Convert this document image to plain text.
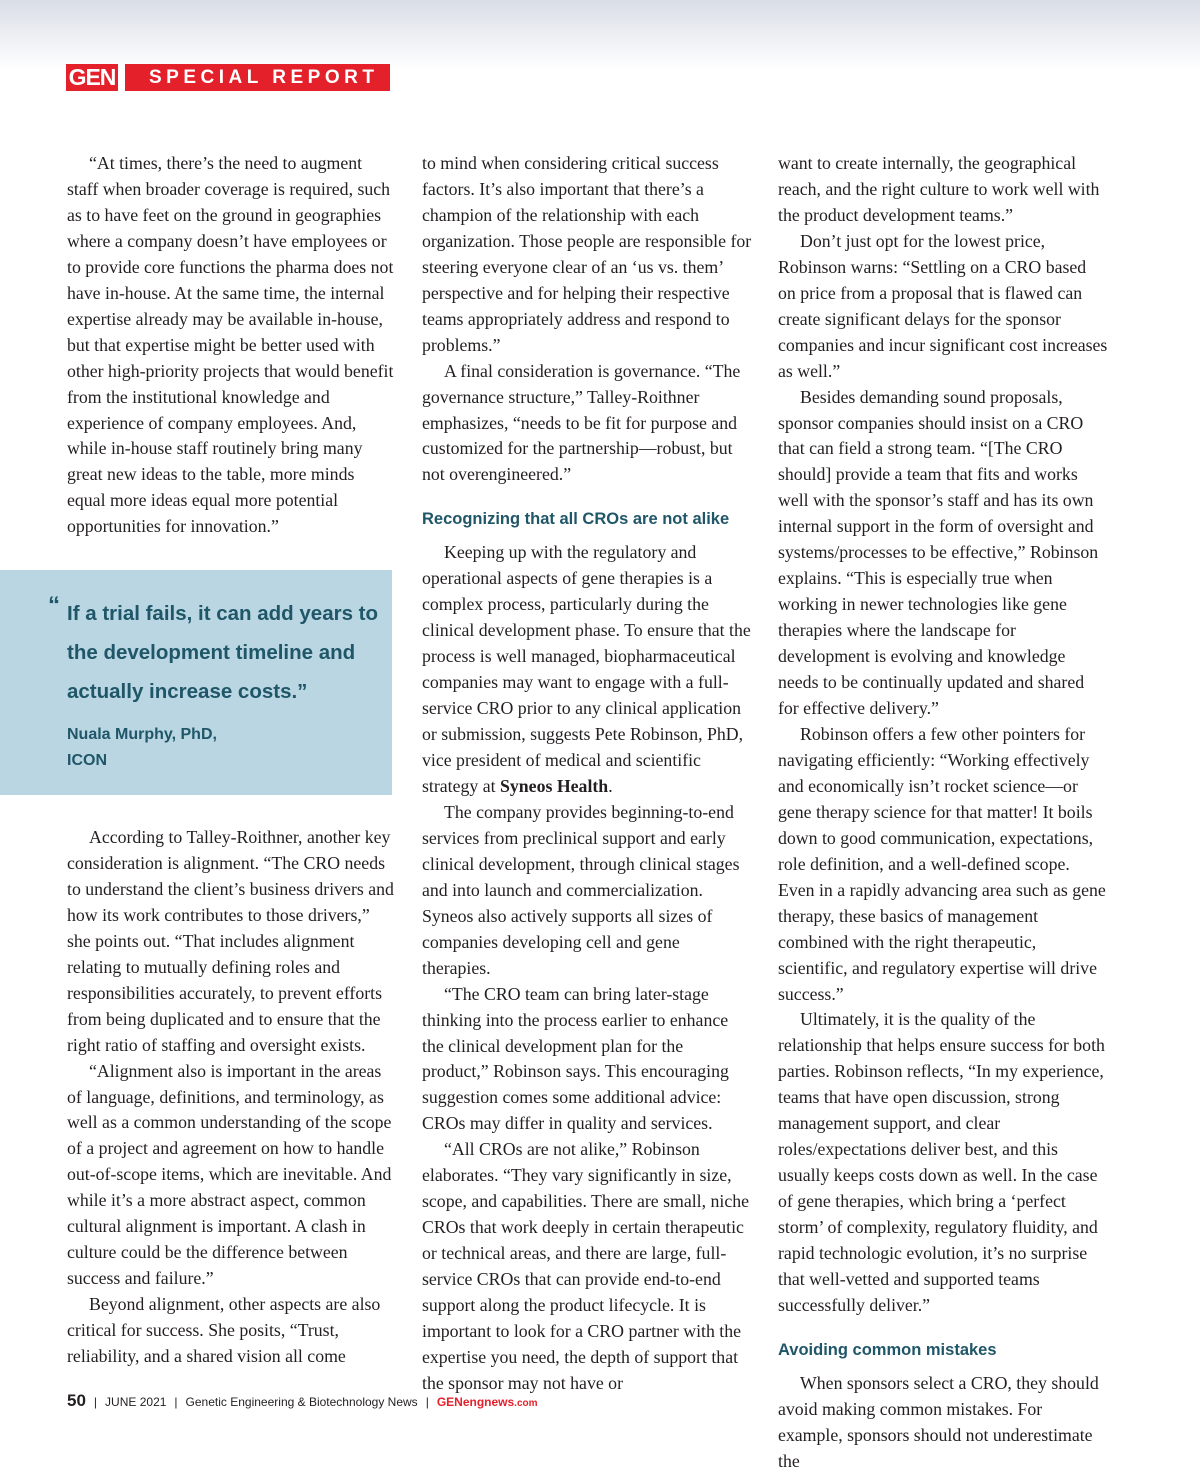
GEN	SPECIAL REPORT

“At times, there’s the need to augment staff when broader coverage is required, such as to have feet on the ground in geographies where a company doesn’t have employees or to provide core functions the pharma does not have in-house. At the same time, the internal expertise already may be available in-house, but that expertise might be better used with other high-priority projects that would benefit from the institutional knowledge and experience of company employees. And, while in-house staff routinely bring many great new ideas to the table, more minds equal more ideas equal more potential opportunities for innovation.”

“ If a trial fails, it can add years to the development timeline and actually increase costs.”
Nuala Murphy, PhD,
ICON

According to Talley-Roithner, another key consideration is alignment. “The CRO needs to understand the client’s business drivers and how its work contributes to those drivers,” she points out. “That includes alignment relating to mutually defining roles and responsibilities accurately, to prevent efforts from being duplicated and to ensure that the right ratio of staffing and oversight exists.

“Alignment also is important in the areas of language, definitions, and terminology, as well as a common understanding of the scope of a project and agreement on how to handle out-of-scope items, which are inevitable. And while it’s a more abstract aspect, common cultural alignment is important. A clash in culture could be the difference between success and failure.”

Beyond alignment, other aspects are also critical for success. She posits, “Trust, reliability, and a shared vision all come

to mind when considering critical success factors. It’s also important that there’s a champion of the relationship with each organization. Those people are responsible for steering everyone clear of an ‘us vs. them’ perspective and for helping their respective teams appropriately address and respond to problems.”

A final consideration is governance. “The governance structure,” Talley-Roithner emphasizes, “needs to be fit for purpose and customized for the partnership—robust, but not overengineered.”

Recognizing that all CROs are not alike

Keeping up with the regulatory and operational aspects of gene therapies is a complex process, particularly during the clinical development phase. To ensure that the process is well managed, biopharmaceutical companies may want to engage with a full-service CRO prior to any clinical application or submission, suggests Pete Robinson, PhD, vice president of medical and scientific strategy at Syneos Health.

The company provides beginning-to-end services from preclinical support and early clinical development, through clinical stages and into launch and commercialization. Syneos also actively supports all sizes of companies developing cell and gene therapies.

“The CRO team can bring later-stage thinking into the process earlier to enhance the clinical development plan for the product,” Robinson says. This encouraging suggestion comes some additional advice: CROs may differ in quality and services.

“All CROs are not alike,” Robinson elaborates. “They vary significantly in size, scope, and capabilities. There are small, niche CROs that work deeply in certain therapeutic or technical areas, and there are large, full-service CROs that can provide end-to-end support along the product lifecycle. It is important to look for a CRO partner with the expertise you need, the depth of support that the sponsor may not have or

want to create internally, the geographical reach, and the right culture to work well with the product development teams.”

Don’t just opt for the lowest price, Robinson warns: “Settling on a CRO based on price from a proposal that is flawed can create significant delays for the sponsor companies and incur significant cost increases as well.”

Besides demanding sound proposals, sponsor companies should insist on a CRO that can field a strong team. “[The CRO should] provide a team that fits and works well with the sponsor’s staff and has its own internal support in the form of oversight and systems/processes to be effective,” Robinson explains. “This is especially true when working in newer technologies like gene therapies where the landscape for development is evolving and knowledge needs to be continually updated and shared for effective delivery.”

Robinson offers a few other pointers for navigating efficiently: “Working effectively and economically isn’t rocket science—or gene therapy science for that matter! It boils down to good communication, expectations, role definition, and a well-defined scope. Even in a rapidly advancing area such as gene therapy, these basics of management combined with the right therapeutic, scientific, and regulatory expertise will drive success.”

Ultimately, it is the quality of the relationship that helps ensure success for both parties. Robinson reflects, “In my experience, teams that have open discussion, strong management support, and clear roles/expectations deliver best, and this usually keeps costs down as well. In the case of gene therapies, which bring a ‘perfect storm’ of complexity, regulatory fluidity, and rapid technologic evolution, it’s no surprise that well-vetted and supported teams successfully deliver.”

Avoiding common mistakes

When sponsors select a CRO, they should avoid making common mistakes. For example, sponsors should not underestimate the

50 | JUNE 2021 | Genetic Engineering & Biotechnology News | GENengnews.com
